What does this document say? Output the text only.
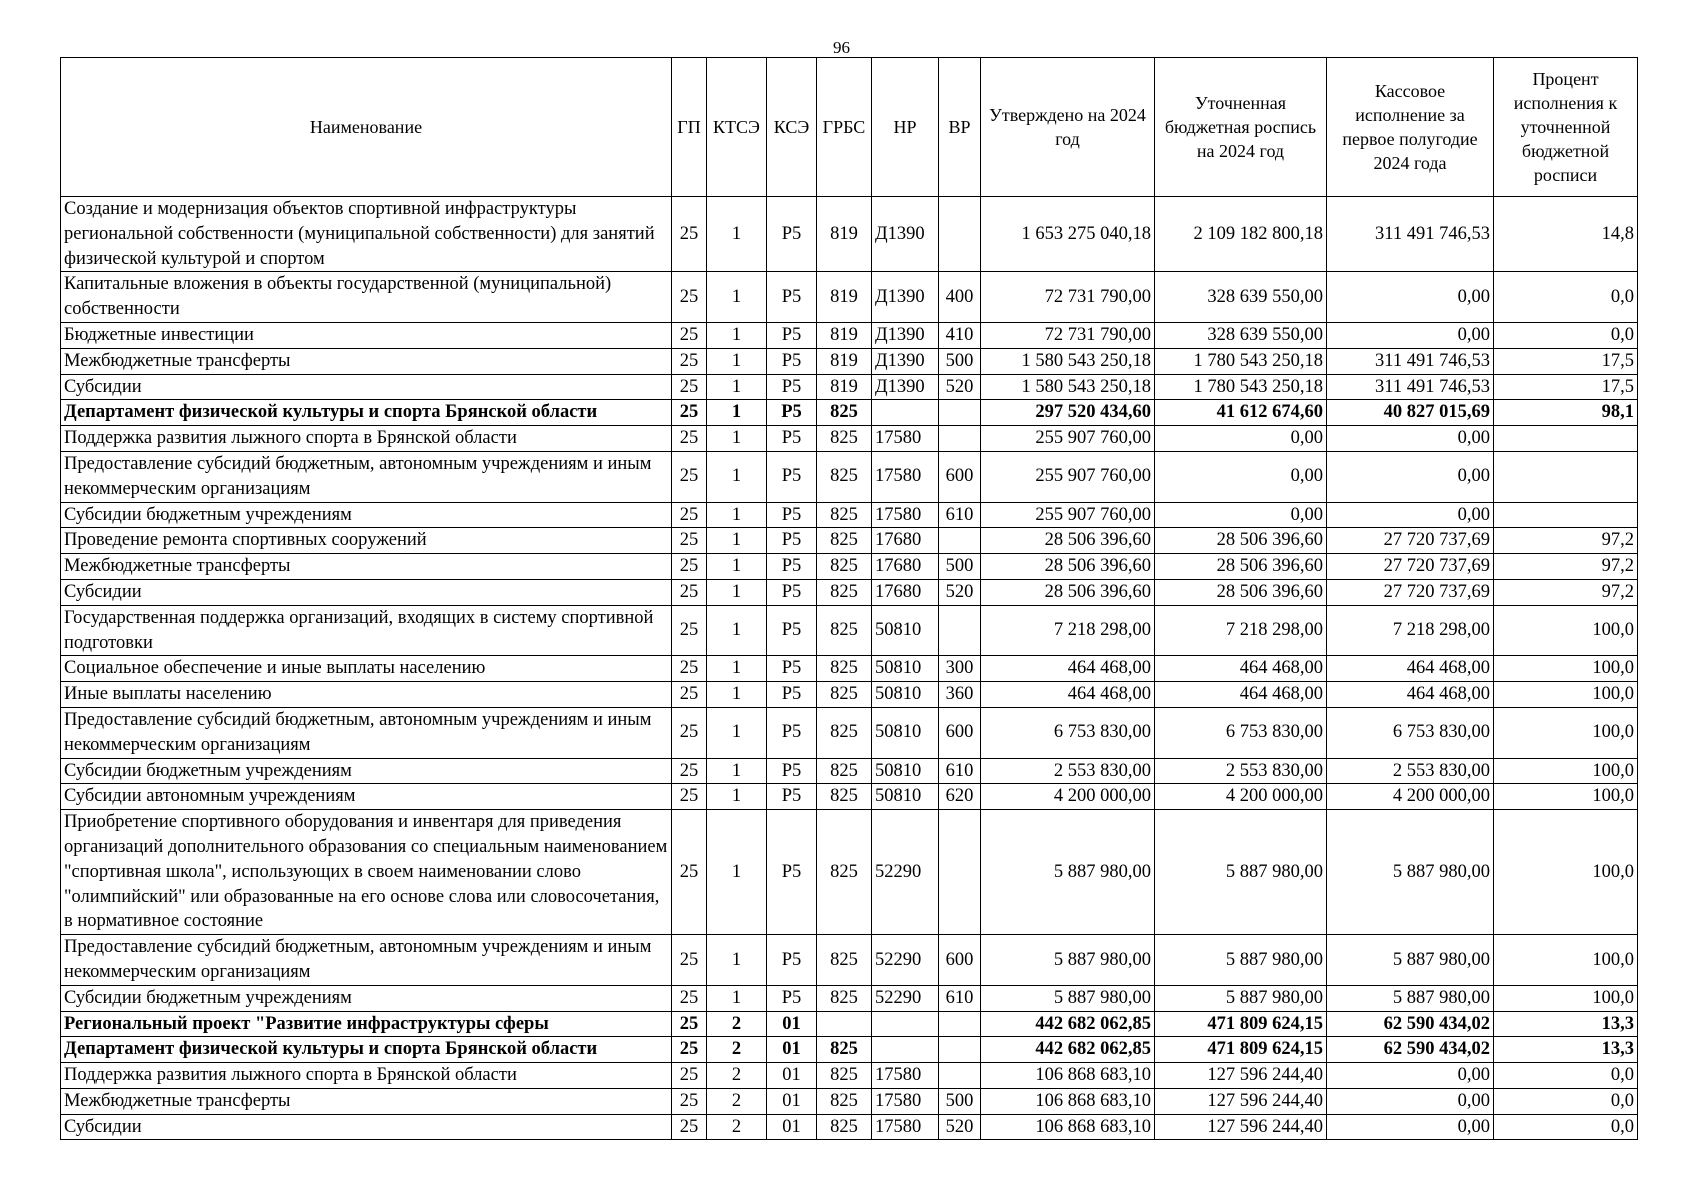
96
Наименование	ГП	КТСЭ	КСЭ	ГРБС	НР	ВР	Утверждено на 2024 год	Уточненная бюджетная роспись на 2024 год	Кассовое исполнение за первое полугодие 2024 года	Процент исполнения к уточненной бюджетной росписи
Создание и модернизация объектов спортивной инфраструктуры региональной собственности (муниципальной собственности) для занятий физической культурой и спортом	25	1	Р5	819	Д1390		1 653 275 040,18	2 109 182 800,18	311 491 746,53	14,8
Капитальные вложения в объекты государственной (муниципальной) собственности	25	1	Р5	819	Д1390	400	72 731 790,00	328 639 550,00	0,00	0,0
Бюджетные инвестиции	25	1	Р5	819	Д1390	410	72 731 790,00	328 639 550,00	0,00	0,0
Межбюджетные трансферты	25	1	Р5	819	Д1390	500	1 580 543 250,18	1 780 543 250,18	311 491 746,53	17,5
Субсидии	25	1	Р5	819	Д1390	520	1 580 543 250,18	1 780 543 250,18	311 491 746,53	17,5
Департамент физической культуры и спорта Брянской области	25	1	Р5	825			297 520 434,60	41 612 674,60	40 827 015,69	98,1
Поддержка развития лыжного спорта в Брянской области	25	1	Р5	825	17580		255 907 760,00	0,00	0,00	
Предоставление субсидий бюджетным, автономным учреждениям и иным некоммерческим организациям	25	1	Р5	825	17580	600	255 907 760,00	0,00	0,00	
Субсидии бюджетным учреждениям	25	1	Р5	825	17580	610	255 907 760,00	0,00	0,00	
Проведение ремонта спортивных сооружений	25	1	Р5	825	17680		28 506 396,60	28 506 396,60	27 720 737,69	97,2
Межбюджетные трансферты	25	1	Р5	825	17680	500	28 506 396,60	28 506 396,60	27 720 737,69	97,2
Субсидии	25	1	Р5	825	17680	520	28 506 396,60	28 506 396,60	27 720 737,69	97,2
Государственная поддержка организаций, входящих в систему спортивной подготовки	25	1	Р5	825	50810		7 218 298,00	7 218 298,00	7 218 298,00	100,0
Социальное обеспечение и иные выплаты населению	25	1	Р5	825	50810	300	464 468,00	464 468,00	464 468,00	100,0
Иные выплаты населению	25	1	Р5	825	50810	360	464 468,00	464 468,00	464 468,00	100,0
Предоставление субсидий бюджетным, автономным учреждениям и иным некоммерческим организациям	25	1	Р5	825	50810	600	6 753 830,00	6 753 830,00	6 753 830,00	100,0
Субсидии бюджетным учреждениям	25	1	Р5	825	50810	610	2 553 830,00	2 553 830,00	2 553 830,00	100,0
Субсидии автономным учреждениям	25	1	Р5	825	50810	620	4 200 000,00	4 200 000,00	4 200 000,00	100,0
Приобретение спортивного оборудования и инвентаря для приведения организаций дополнительного образования со специальным наименованием "спортивная школа", использующих в своем наименовании слово "олимпийский" или образованные на его основе слова или словосочетания, в нормативное состояние	25	1	Р5	825	52290		5 887 980,00	5 887 980,00	5 887 980,00	100,0
Предоставление субсидий бюджетным, автономным учреждениям и иным некоммерческим организациям	25	1	Р5	825	52290	600	5 887 980,00	5 887 980,00	5 887 980,00	100,0
Субсидии бюджетным учреждениям	25	1	Р5	825	52290	610	5 887 980,00	5 887 980,00	5 887 980,00	100,0
Региональный проект "Развитие инфраструктуры сферы	25	2	01				442 682 062,85	471 809 624,15	62 590 434,02	13,3
Департамент физической культуры и спорта Брянской области	25	2	01	825			442 682 062,85	471 809 624,15	62 590 434,02	13,3
Поддержка развития лыжного спорта в Брянской области	25	2	01	825	17580		106 868 683,10	127 596 244,40	0,00	0,0
Межбюджетные трансферты	25	2	01	825	17580	500	106 868 683,10	127 596 244,40	0,00	0,0
Субсидии	25	2	01	825	17580	520	106 868 683,10	127 596 244,40	0,00	0,0
